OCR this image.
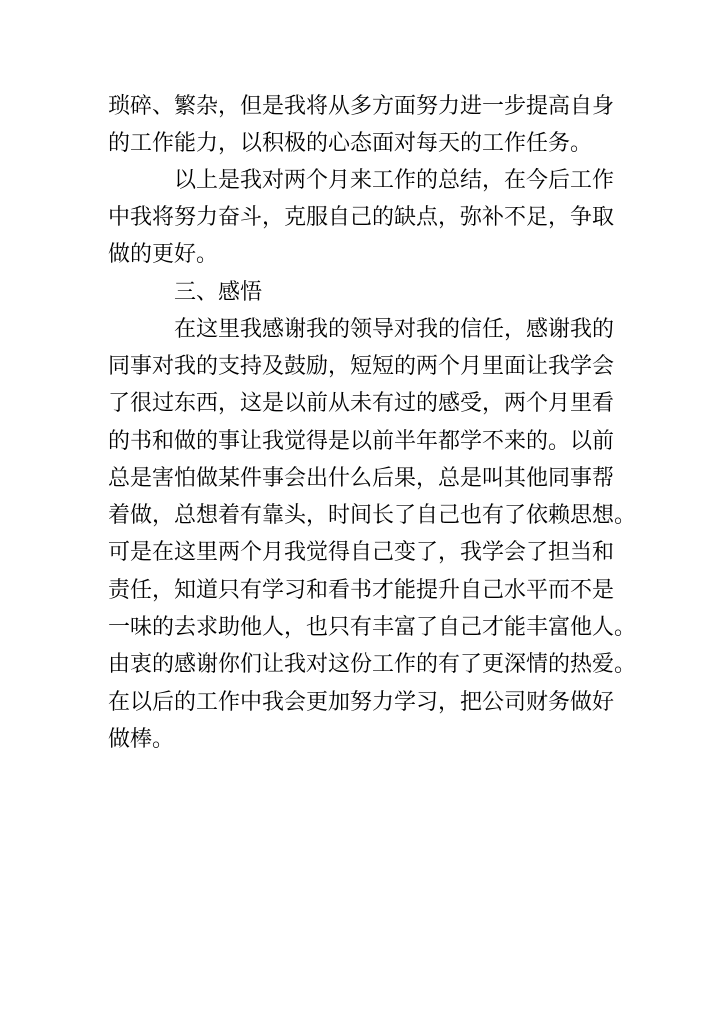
琐碎、繁杂，但是我将从多方面努力进一步提高自身
的工作能力，以积极的心态面对每天的工作任务。
以上是我对两个月来工作的总结，在今后工作
中我将努力奋斗，克服自己的缺点，弥补不足，争取
做的更好。
三、感悟
在这里我感谢我的领导对我的信任，感谢我的
同事对我的支持及鼓励，短短的两个月里面让我学会
了很过东西，这是以前从未有过的感受，两个月里看
的书和做的事让我觉得是以前半年都学不来的。以前
总是害怕做某件事会出什么后果，总是叫其他同事帮
着做，总想着有靠头，时间长了自己也有了依赖思想。
可是在这里两个月我觉得自己变了，我学会了担当和
责任，知道只有学习和看书才能提升自己水平而不是
一味的去求助他人，也只有丰富了自己才能丰富他人。
由衷的感谢你们让我对这份工作的有了更深情的热爱。
在以后的工作中我会更加努力学习，把公司财务做好
做棒。
